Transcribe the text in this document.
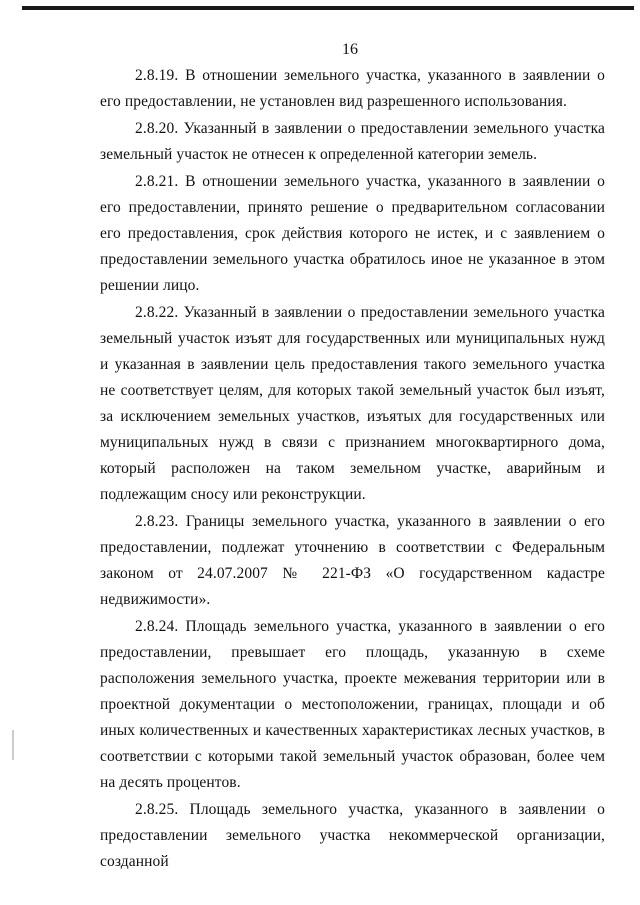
16

2.8.19. В отношении земельного участка, указанного в заявлении о его предоставлении, не установлен вид разрешенного использования.

2.8.20. Указанный в заявлении о предоставлении земельного участка земельный участок не отнесен к определенной категории земель.

2.8.21. В отношении земельного участка, указанного в заявлении о его предоставлении, принято решение о предварительном согласовании его предоставления, срок действия которого не истек, и с заявлением о предоставлении земельного участка обратилось иное не указанное в этом решении лицо.

2.8.22. Указанный в заявлении о предоставлении земельного участка земельный участок изъят для государственных или муниципальных нужд и указанная в заявлении цель предоставления такого земельного участка не соответствует целям, для которых такой земельный участок был изъят, за исключением земельных участков, изъятых для государственных или муниципальных нужд в связи с признанием многоквартирного дома, который расположен на таком земельном участке, аварийным и подлежащим сносу или реконструкции.

2.8.23. Границы земельного участка, указанного в заявлении о его предоставлении, подлежат уточнению в соответствии с Федеральным законом от 24.07.2007 № 221-ФЗ «О государственном кадастре недвижимости».

2.8.24. Площадь земельного участка, указанного в заявлении о его предоставлении, превышает его площадь, указанную в схеме расположения земельного участка, проекте межевания территории или в проектной документации о местоположении, границах, площади и об иных количественных и качественных характеристиках лесных участков, в соответствии с которыми такой земельный участок образован, более чем на десять процентов.

2.8.25. Площадь земельного участка, указанного в заявлении о предоставлении земельного участка некоммерческой организации, созданной
